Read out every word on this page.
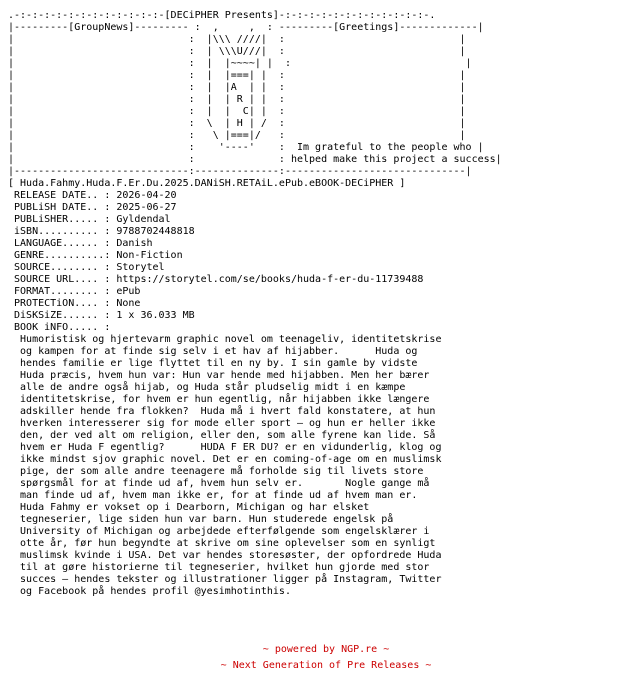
.-:-:-:-:-:-:-:-:-:-:-:-:-[DECiPHER Presents]-:-:-:-:-:-:-:-:-:-:-:-:-.
|---------[GroupNews]--------- :  ,     ,  : ---------[Greetings]-------------|
|                             :  |\\\ ////|  :                             |
|                             :  | \\\U///|  :                             |
|                             :  |  |~~~~| |  :                             |
|                             :  |  |===| |  :                             |
|                             :  |  |A  | |  :                             |
|                             :  |  | R | |  :                             |
|                             :  |  |  C| |  :                             |
|                             :  \  | H | /  :                             |
|                             :   \ |===|/   :                             |
|                             :    '----'    :  Im grateful to the people who |
|                             :              : helped make this project a success|
|-----------------------------:--------------:------------------------------|
[ Huda.Fahmy.Huda.F.Er.Du.2025.DANiSH.RETAiL.ePub.eBOOK-DECiPHER ]
RELEASE DATE.. : 2026-04-20
PUBLiSH DATE.. : 2025-06-27
PUBLiSHER..... : Gyldendal
iSBN.......... : 9788702448818
LANGUAGE...... : Danish
GENRE..........: Non-Fiction
SOURCE........ : Storytel
SOURCE URL.... : https://storytel.com/se/books/huda-f-er-du-11739488
FORMAT........ : ePub
PROTECTiON.... : None
DiSKSiZE...... : 1 x 36.033 MB
BOOK iNFO..... :
Humoristisk og hjertevarm graphic novel om teenageliv, identitetskrise
og kampen for at finde sig selv i et hav af hijabber.      Huda og
hendes familie er lige flyttet til en ny by. I sin gamle by vidste
Huda præcis, hvem hun var: Hun var hende med hijabben. Men her bærer
alle de andre også hijab, og Huda står pludselig midt i en kæmpe
identitetskrise, for hvem er hun egentlig, når hijabben ikke længere
adskiller hende fra flokken?  Huda må i hvert fald konstatere, at hun
hverken interesserer sig for mode eller sport – og hun er heller ikke
den, der ved alt om religion, eller den, som alle fyrene kan lide. Så
hvem er Huda F egentlig?      HUDA F ER DU? er en vidunderlig, klog og
ikke mindst sjov graphic novel. Det er en coming-of-age om en muslimsk
pige, der som alle andre teenagere må forholde sig til livets store
spørgsmål for at finde ud af, hvem hun selv er.       Nogle gange må
man finde ud af, hvem man ikke er, for at finde ud af hvem man er.
Huda Fahmy er vokset op i Dearborn, Michigan og har elsket
tegneserier, lige siden hun var barn. Hun studerede engelsk på
University of Michigan og arbejdede efterfølgende som engelsklærer i
otte år, før hun begyndte at skrive om sine oplevelser som en synligt
muslimsk kvinde i USA. Det var hendes storesøster, der opfordrede Huda
til at gøre historierne til tegneserier, hvilket hun gjorde med stor
succes – hendes tekster og illustrationer ligger på Instagram, Twitter
og Facebook på hendes profil @yesimhotinthis.

~ powered by NGP.re ~

~ Next Generation of Pre Releases ~
